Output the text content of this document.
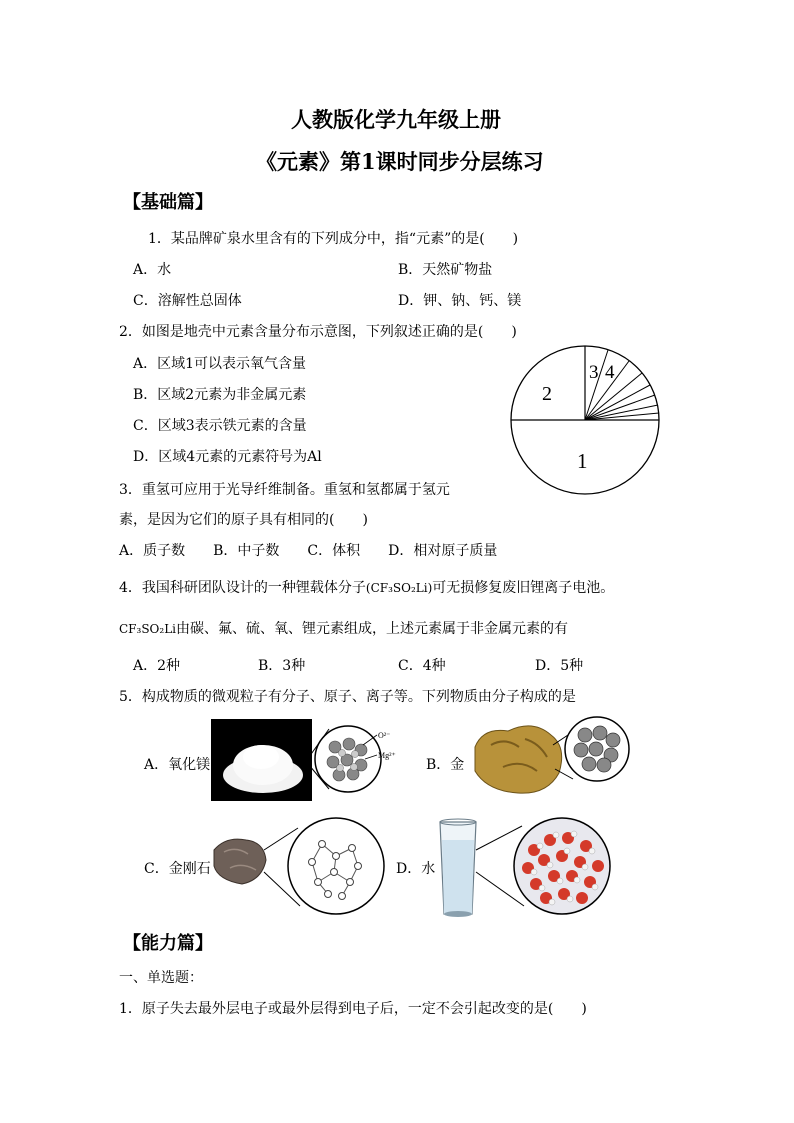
人教版化学九年级上册
《元素》第1课时同步分层练习
【基础篇】
1．某品牌矿泉水里含有的下列成分中，指“元素”的是(　　)
A．水	B．天然矿物盐
C．溶解性总固体	D．钾、钠、钙、镁
2．如图是地壳中元素含量分布示意图，下列叙述正确的是(　　)
A．区域1可以表示氧气含量
B．区域2元素为非金属元素
C．区域3表示铁元素的含量
D．区域4元素的元素符号为Al
2
3 4
1
3．重氢可应用于光导纤维制备。重氢和氢都属于氢元
素，是因为它们的原子具有相同的(　　)
A．质子数　　B．中子数　　C．体积　　D．相对原子质量
4．我国科研团队设计的一种锂载体分子(CF₃SO₂Li)可无损修复废旧锂离子电池。
CF₃SO₂Li由碳、氟、硫、氧、锂元素组成，上述元素属于非金属元素的有
A．2种	B．3种	C．4种	D．5种
5．构成物质的微观粒子有分子、原子、离子等。下列物质由分子构成的是
A．氧化镁
O²⁻
Mg²⁺
B．金
C．金刚石	D．水
【能力篇】
一、单选题：
1．原子失去最外层电子或最外层得到电子后，一定不会引起改变的是(　　)
